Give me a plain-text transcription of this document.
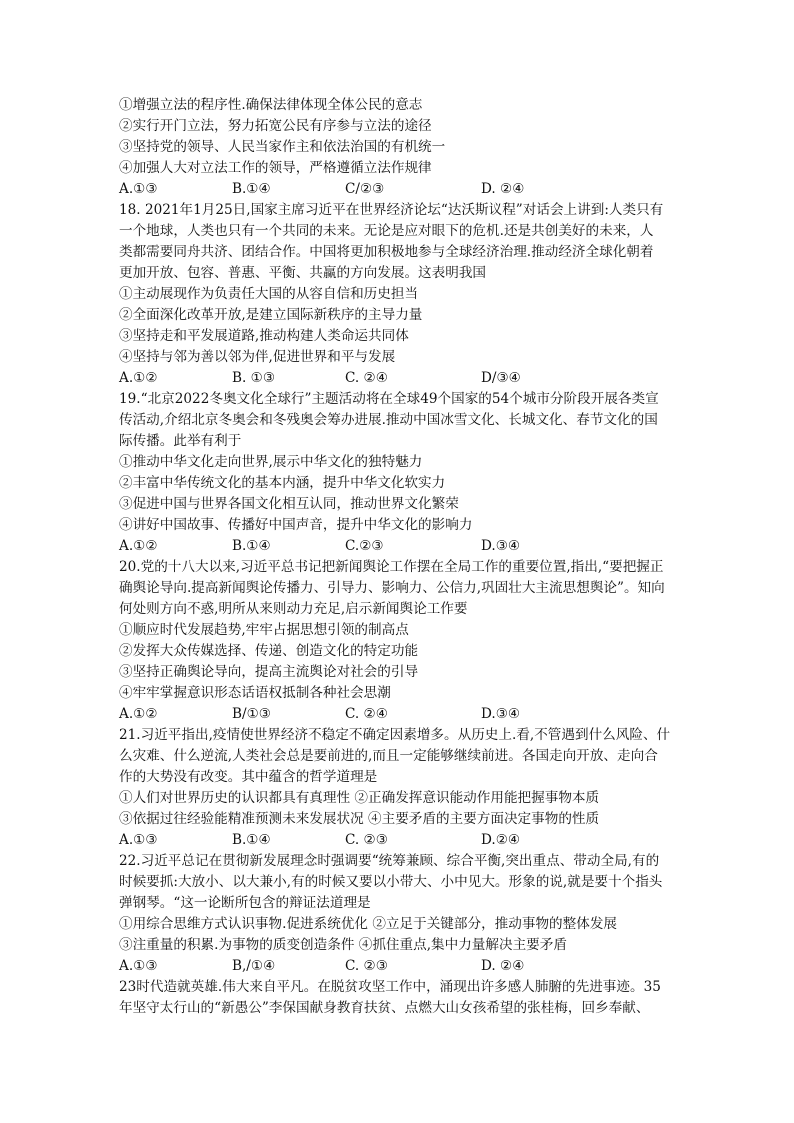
①增强立法的程序性.确保法律体现全体公民的意志
②实行开门立法，努力拓宽公民有序参与立法的途径
③坚持党的领导、人民当家作主和依法治国的有机统一
④加强人大对立法工作的领导，严格遵循立法作规律
A.①③	B.①④	C/②③	D. ②④
18. 2021年1月25日,国家主席习近平在世界经济论坛“达沃斯议程”对话会上讲到:人类只有
一个地球，人类也只有一个共同的未来。无论是应对眼下的危机.还是共创美好的未来，人
类都需要同舟共济、团结合作。中国将更加积极地参与全球经济治理.推动经济全球化朝着
更加开放、包容、普惠、平衡、共赢的方向发展。这表明我国
①主动展现作为负责任大国的从容自信和历史担当
②全面深化改革开放,是建立国际新秩序的主导力量
③坚持走和平发展道路,推动构建人类命运共同体
④坚持与邻为善以邻为伴,促进世界和平与发展
A.①②	B. ①③	C. ②④	D/③④
19.“北京2022冬奥文化全球行”主题活动将在全球49个国家的54个城市分阶段开展各类宣
传活动,介绍北京冬奥会和冬残奥会筹办进展.推动中国冰雪文化、长城文化、春节文化的国
际传播。此举有利于
①推动中华文化走向世界,展示中华文化的独特魅力
②丰富中华传统文化的基本内涵，提升中华文化软实力
③促进中国与世界各国文化相互认同，推动世界文化繁荣
④讲好中国故事、传播好中国声音，提升中华文化的影响力
A.①②	B.①④	C.②③	D.③④
20.党的十八大以来,习近平总书记把新闻舆论工作摆在全局工作的重要位置,指出,“要把握正
确舆论导向.提高新闻舆论传播力、引导力、影响力、公信力,巩固壮大主流思想舆论”。知向
何处则方向不惑,明所从来则动力充足,启示新闻舆论工作要
①顺应时代发展趋势,牢牢占据思想引领的制高点
②发挥大众传媒选择、传递、创造文化的特定功能
③坚持正确舆论导向，提高主流舆论对社会的引导
④牢牢掌握意识形态话语权抵制各种社会思潮
A.①②	B/①③	C. ②④	D.③④
21.习近平指出,疫情使世界经济不稳定不确定因素增多。从历史上.看,不管遇到什么风险、什
么灾难、什么逆流,人类社会总是要前进的,而且一定能够继续前进。各国走向开放、走向合
作的大势没有改变。其中蕴含的哲学道理是
①人们对世界历史的认识都具有真理性 ②正确发挥意识能动作用能把握事物本质
③依据过往经验能精准预测未来发展状况 ④主要矛盾的主要方面决定事物的性质
A.①③	B.①④	C. ②③	D.②④
22.习近平总记在贯彻新发展理念时强调要“统筹兼顾、综合平衡,突出重点、带动全局,有的
时候要抓:大放小、以大兼小,有的时候又要以小带大、小中见大。形象的说,就是要十个指头
弹钢琴。“这一论断所包含的辩证法道理是
①用综合思维方式认识事物.促进系统优化 ②立足于关键部分，推动事物的整体发展
③注重量的积累.为事物的质变创造条件 ④抓住重点,集中力量解决主要矛盾
A.①③	B,/①④	C. ②③	D. ②④
23时代造就英雄.伟大来自平凡。在脱贫攻坚工作中，涌现出许多感人肺腑的先进事迹。35
年坚守太行山的“新愚公”李保国献身教育扶贫、点燃大山女孩希望的张桂梅，回乡奉献、
